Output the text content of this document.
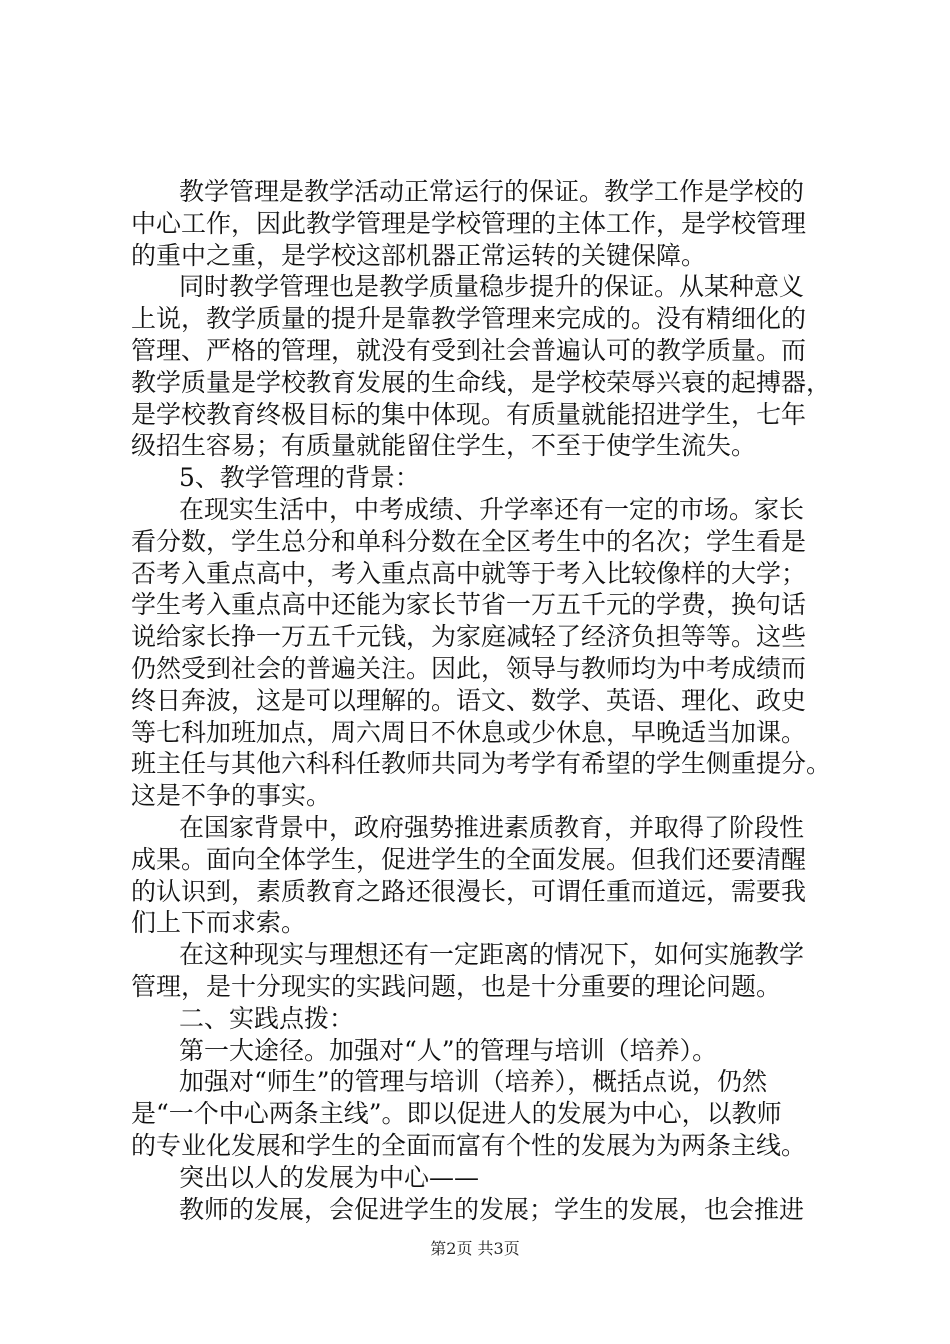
教学管理是教学活动正常运行的保证。教学工作是学校的
中心工作，因此教学管理是学校管理的主体工作，是学校管理
的重中之重，是学校这部机器正常运转的关键保障。
同时教学管理也是教学质量稳步提升的保证。从某种意义
上说，教学质量的提升是靠教学管理来完成的。没有精细化的
管理、严格的管理，就没有受到社会普遍认可的教学质量。而
教学质量是学校教育发展的生命线，是学校荣辱兴衰的起搏器，
是学校教育终极目标的集中体现。有质量就能招进学生，七年
级招生容易；有质量就能留住学生，不至于使学生流失。
5、教学管理的背景：
在现实生活中，中考成绩、升学率还有一定的市场。家长
看分数，学生总分和单科分数在全区考生中的名次；学生看是
否考入重点高中，考入重点高中就等于考入比较像样的大学；
学生考入重点高中还能为家长节省一万五千元的学费，换句话
说给家长挣一万五千元钱，为家庭减轻了经济负担等等。这些
仍然受到社会的普遍关注。因此，领导与教师均为中考成绩而
终日奔波，这是可以理解的。语文、数学、英语、理化、政史
等七科加班加点，周六周日不休息或少休息，早晚适当加课。
班主任与其他六科科任教师共同为考学有希望的学生侧重提分。
这是不争的事实。
在国家背景中，政府强势推进素质教育，并取得了阶段性
成果。面向全体学生，促进学生的全面发展。但我们还要清醒
的认识到，素质教育之路还很漫长，可谓任重而道远，需要我
们上下而求索。
在这种现实与理想还有一定距离的情况下，如何实施教学
管理，是十分现实的实践问题，也是十分重要的理论问题。
二、实践点拨：
第一大途径。加强对“人”的管理与培训（培养）。
加强对“师生”的管理与培训（培养），概括点说，仍然
是“一个中心两条主线”。即以促进人的发展为中心，以教师
的专业化发展和学生的全面而富有个性的发展为为两条主线。
突出以人的发展为中心——
教师的发展，会促进学生的发展；学生的发展，也会推进
第2页 共3页
